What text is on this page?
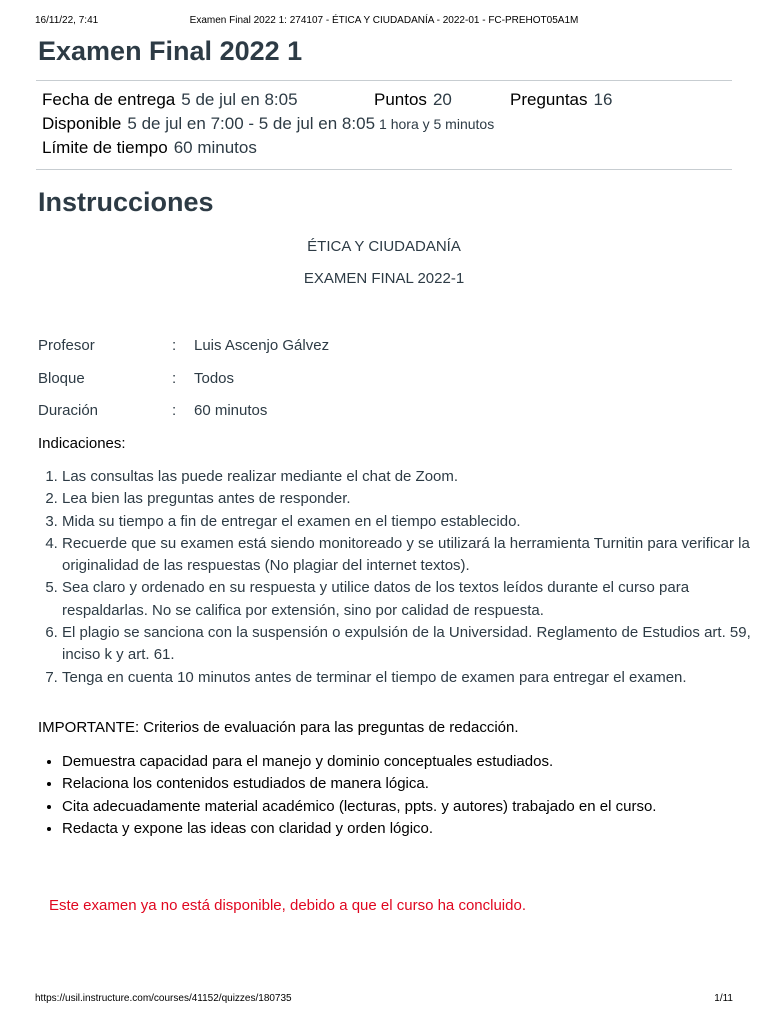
16/11/22, 7:41	Examen Final 2022 1: 274107 - ÉTICA Y CIUDADANÍA - 2022-01 - FC-PREHOT05A1M
Examen Final 2022 1
Fecha de entrega 5 de jul en 8:05	Puntos 20	Preguntas 16
Disponible 5 de jul en 7:00 - 5 de jul en 8:05 1 hora y 5 minutos
Límite de tiempo 60 minutos
Instrucciones
ÉTICA Y CIUDADANÍA
EXAMEN FINAL 2022-1
Profesor	: Luis Ascenjo Gálvez
Bloque	: Todos
Duración	: 60 minutos
Indicaciones:
1. Las consultas las puede realizar mediante el chat de Zoom.
2. Lea bien las preguntas antes de responder.
3. Mida su tiempo a fin de entregar el examen en el tiempo establecido.
4. Recuerde que su examen está siendo monitoreado y se utilizará la herramienta Turnitin para verificar la originalidad de las respuestas (No plagiar del internet textos).
5. Sea claro y ordenado en su respuesta y utilice datos de los textos leídos durante el curso para respaldarlas. No se califica por extensión, sino por calidad de respuesta.
6. El plagio se sanciona con la suspensión o expulsión de la Universidad. Reglamento de Estudios art. 59, inciso k y art. 61.
7. Tenga en cuenta 10 minutos antes de terminar el tiempo de examen para entregar el examen.
IMPORTANTE: Criterios de evaluación para las preguntas de redacción.
• Demuestra capacidad para el manejo y dominio conceptuales estudiados.
• Relaciona los contenidos estudiados de manera lógica.
• Cita adecuadamente material académico (lecturas, ppts. y autores) trabajado en el curso.
• Redacta y expone las ideas con claridad y orden lógico.
Este examen ya no está disponible, debido a que el curso ha concluido.
https://usil.instructure.com/courses/41152/quizzes/180735	1/11
